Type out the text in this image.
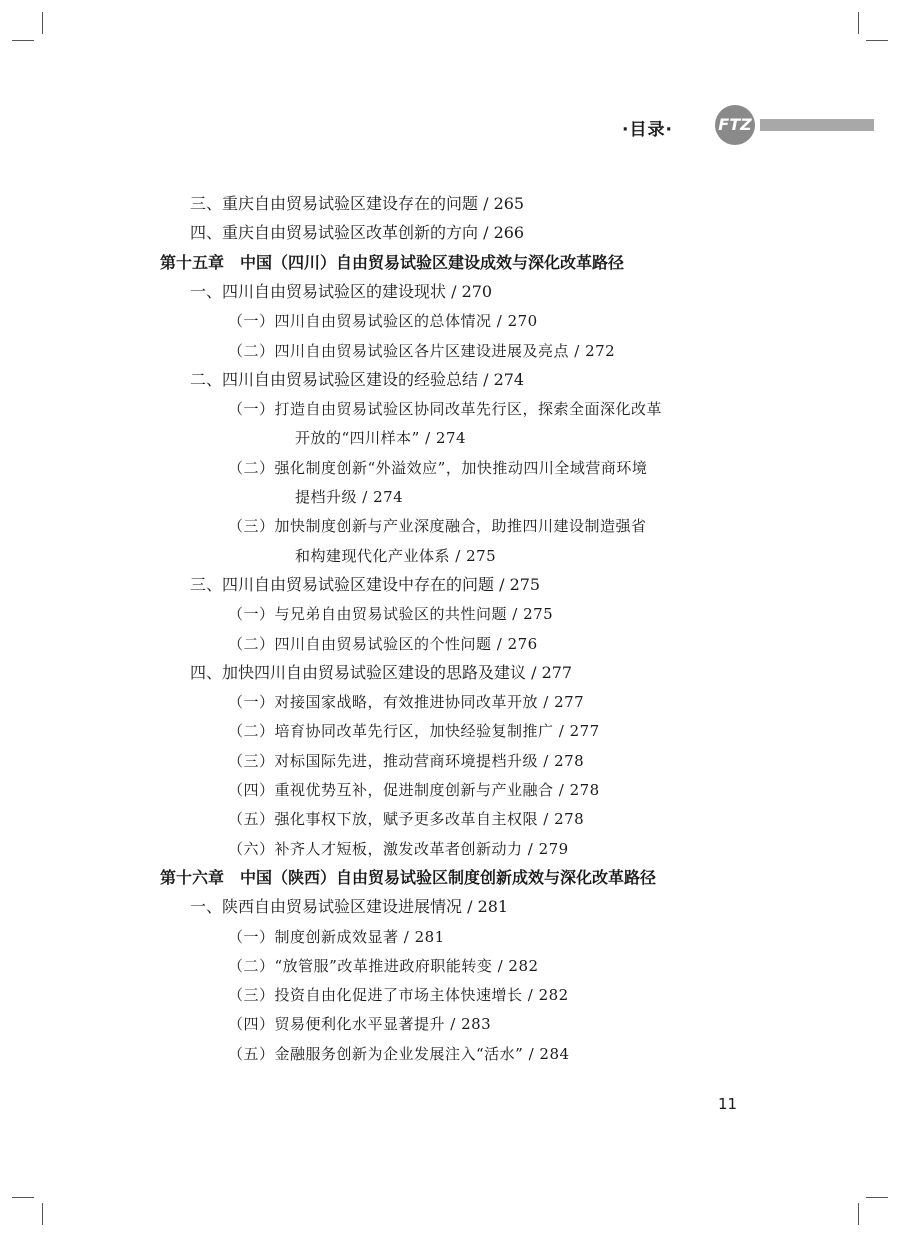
·目录·	FTZ
三、重庆自由贸易试验区建设存在的问题 / 265
四、重庆自由贸易试验区改革创新的方向 / 266
第十五章　中国（四川）自由贸易试验区建设成效与深化改革路径
一、四川自由贸易试验区的建设现状 / 270
（一）四川自由贸易试验区的总体情况 / 270
（二）四川自由贸易试验区各片区建设进展及亮点 / 272
二、四川自由贸易试验区建设的经验总结 / 274
（一）打造自由贸易试验区协同改革先行区，探索全面深化改革
开放的“四川样本” / 274
（二）强化制度创新“外溢效应”，加快推动四川全域营商环境
提档升级 / 274
（三）加快制度创新与产业深度融合，助推四川建设制造强省
和构建现代化产业体系 / 275
三、四川自由贸易试验区建设中存在的问题 / 275
（一）与兄弟自由贸易试验区的共性问题 / 275
（二）四川自由贸易试验区的个性问题 / 276
四、加快四川自由贸易试验区建设的思路及建议 / 277
（一）对接国家战略，有效推进协同改革开放 / 277
（二）培育协同改革先行区，加快经验复制推广 / 277
（三）对标国际先进，推动营商环境提档升级 / 278
（四）重视优势互补，促进制度创新与产业融合 / 278
（五）强化事权下放，赋予更多改革自主权限 / 278
（六）补齐人才短板，激发改革者创新动力 / 279
第十六章　中国（陕西）自由贸易试验区制度创新成效与深化改革路径
一、陕西自由贸易试验区建设进展情况 / 281
（一）制度创新成效显著 / 281
（二）“放管服”改革推进政府职能转变 / 282
（三）投资自由化促进了市场主体快速增长 / 282
（四）贸易便利化水平显著提升 / 283
（五）金融服务创新为企业发展注入“活水” / 284
11
